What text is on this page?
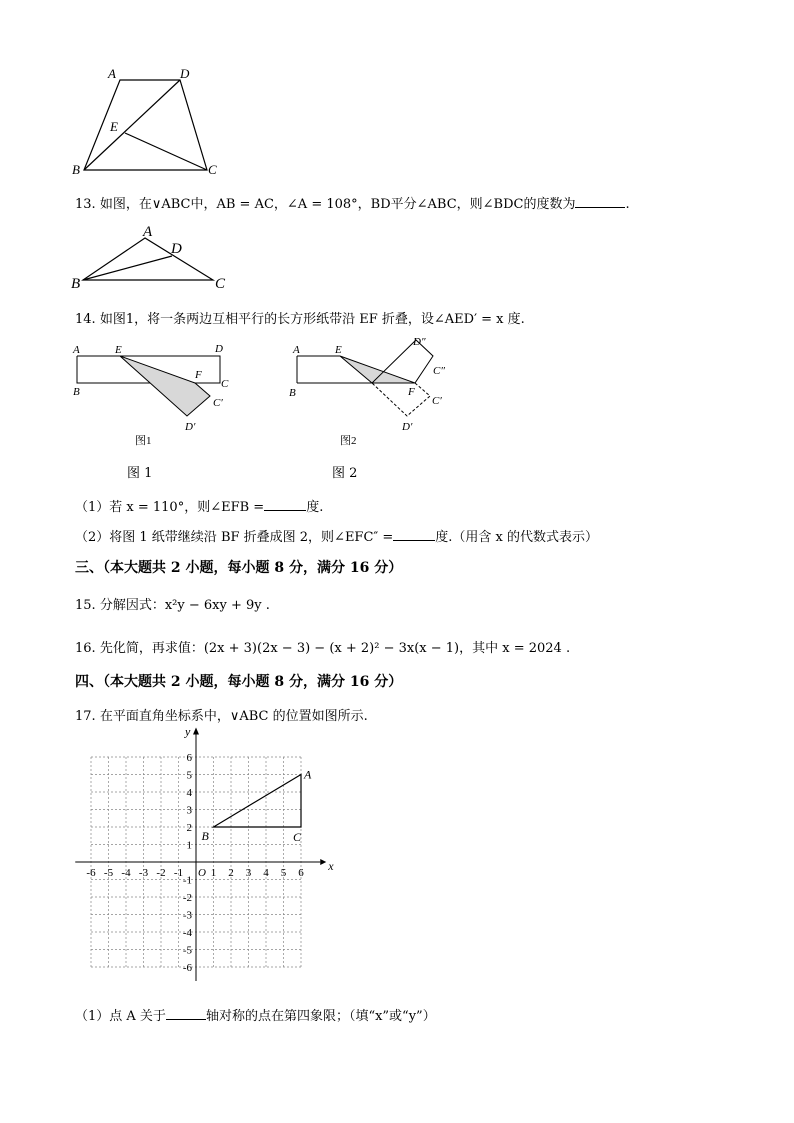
A	D
E
B	C
13. 如图，在∨ABC中，AB = AC，∠A = 108°，BD平分∠ABC，则∠BDC的度数为	.
A
D
B	C
14. 如图1，将一条两边互相平行的长方形纸带沿 EF 折叠，设∠AED′ = x 度.
A	E	D
F
C
B
C′
D′
图1
A	E
D″
C″
F
C′
B
D′
图2
图 1	图 2
（1）若 x = 110°，则∠EFB =	度.
（2）将图 1 纸带继续沿 BF 折叠成图 2，则∠EFC″ =	度.（用含 x 的代数式表示）
三、（本大题共 2 小题，每小题 8 分，满分 16 分）
15. 分解因式：x²y − 6xy + 9y .
16. 先化简，再求值：(2x + 3)(2x − 3) − (x + 2)² − 3x(x − 1)，其中 x = 2024 .
四、（本大题共 2 小题，每小题 8 分，满分 16 分）
17. 在平面直角坐标系中，∨ABC 的位置如图所示.
x
y
-6 -5 -4 -3 -2 -1 O 1 2 3 4 5 6
6
5
4
3
2
1
-1
-2
-3
-4
-5
-6
A
B	C
（1）点 A 关于	轴对称的点在第四象限；（填“x”或“y”）
